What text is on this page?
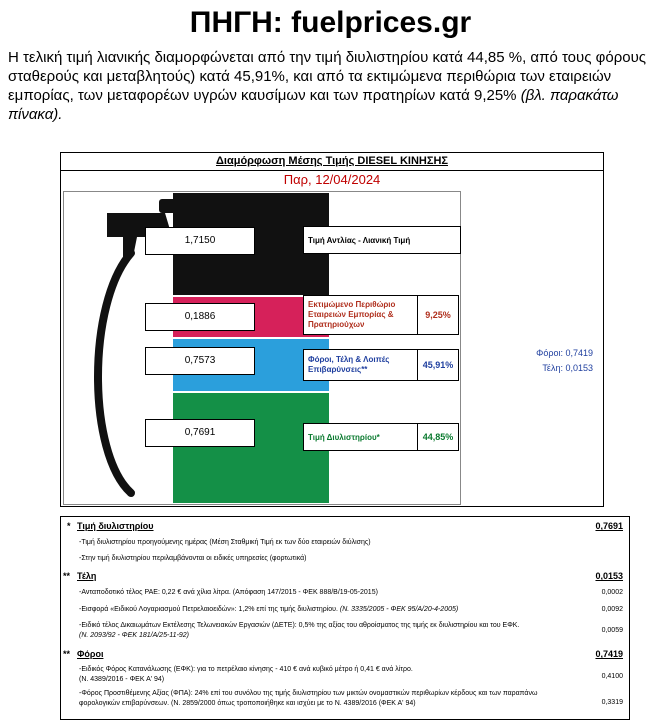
ΠΗΓΗ: fuelprices.gr
Η τελική τιμή λιανικής διαμορφώνεται από την τιμή διυλιστηρίου κατά 44,85 %, από τους φόρους σταθερούς και μεταβλητούς) κατά 45,91%, και από τα εκτιμώμενα περιθώρια των εταιρειών εμπορίας, των μεταφορέων υγρών καυσίμων και των πρατηρίων κατά 9,25% (βλ. παρακάτω πίνακα).
Διαμόρφωση Μέσης Τιμής DIESEL ΚΙΝΗΣΗΣ
Παρ, 12/04/2024
1,7150
0,1886
0,7573
0,7691
Τιμή Αντλίας - Λιανική Τιμή
Εκτιμώμενο Περιθώριο Εταιρειών Εμπορίας & Πρατηριούχων
9,25%
Φόροι, Τέλη & Λοιπές Επιβαρύνσεις**	45,91%
Τιμή Διυλιστηρίου*	44,85%
Φόροι: 0,7419
Τέλη: 0,0153
* Τιμή διυλιστηρίου	0,7691
-Τιμή διυλιστηρίου προηγούμενης ημέρας (Μέση Σταθμική Τιμή εκ των δύο εταιρειών διύλισης)
-Στην τιμή διυλιστηρίου περιλαμβάνονται οι ειδικές υπηρεσίες (φορτωτικά)
** Τέλη	0,0153
-Ανταποδοτικό τέλος ΡΑΕ: 0,22 € ανά χίλια λίτρα. (Απόφαση 147/2015 - ΦΕΚ 888/Β/19-05-2015)	0,0002
-Εισφορά «Ειδικού Λογαριασμού Πετρελαιοειδών»: 1,2% επί της τιμής διυλιστηρίου. (Ν. 3335/2005 - ΦΕΚ 95/Α/20-4-2005)	0,0092
-Ειδικό τέλος Δικαιωμάτων Εκτέλεσης Τελωνειακών Εργασιών (ΔΕΤΕ): 0,5% της αξίας του αθροίσματος της τιμής εκ διυλιστηρίου και του ΕΦΚ.
(Ν. 2093/92 - ΦΕΚ 181/Α/25-11-92)
0,0059
** Φόροι	0,7419
-Ειδικός Φόρος Κατανάλωσης (ΕΦΚ): για το πετρέλαιο κίνησης - 410 € ανά κυβικό μέτρο ή 0,41 € ανά λίτρο.
(Ν. 4389/2016 - ΦΕΚ Α' 94)	0,4100
-Φόρος Προστιθέμενης Αξίας (ΦΠΑ): 24% επί του συνόλου της τιμής διυλιστηρίου των μικτών ονομαστικών περιθωρίων κέρδους και των παραπάνω φορολογικών επιβαρύνσεων. (Ν. 2859/2000 όπως τροποποιήθηκε και ισχύει με το Ν. 4389/2016 (ΦΕΚ Α' 94)	0,3319
